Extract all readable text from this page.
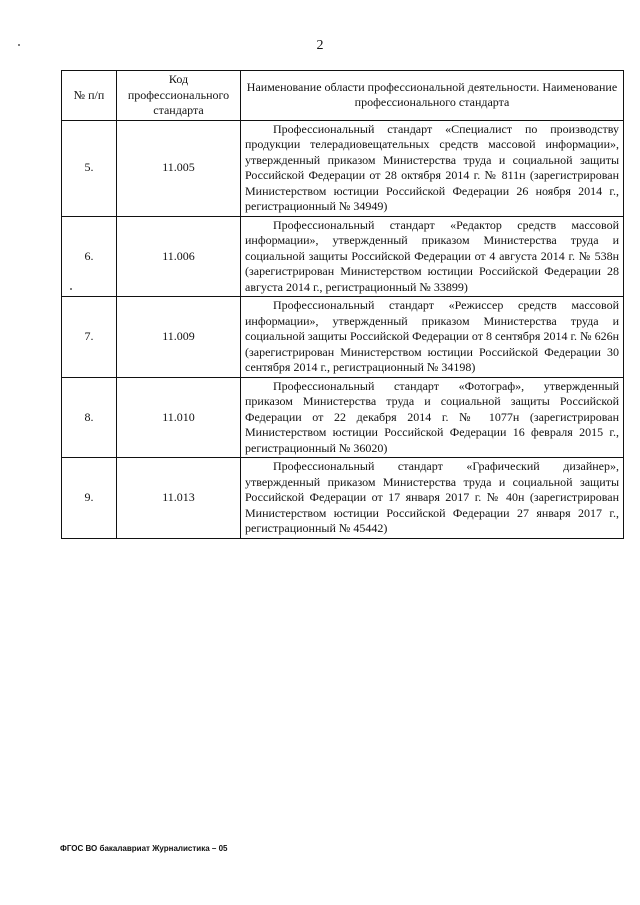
2
№ п/п	Код профессионального стандарта	Наименование области профессиональной деятельности. Наименование профессионального стандарта
5.	11.005	Профессиональный стандарт «Специалист по производству продукции телерадиовещательных средств массовой информации», утвержденный приказом Министерства труда и социальной защиты Российской Федерации от 28 октября 2014 г. № 811н (зарегистрирован Министерством юстиции Российской Федерации 26 ноября 2014 г., регистрационный № 34949)
6.	11.006	Профессиональный стандарт «Редактор средств массовой информации», утвержденный приказом Министерства труда и социальной защиты Российской Федерации от 4 августа 2014 г. № 538н (зарегистрирован Министерством юстиции Российской Федерации 28 августа 2014 г., регистрационный № 33899)
7.	11.009	Профессиональный стандарт «Режиссер средств массовой информации», утвержденный приказом Министерства труда и социальной защиты Российской Федерации от 8 сентября 2014 г. № 626н (зарегистрирован Министерством юстиции Российской Федерации 30 сентября 2014 г., регистрационный № 34198)
8.	11.010	Профессиональный стандарт «Фотограф», утвержденный приказом Министерства труда и социальной защиты Российской Федерации от 22 декабря 2014 г. № 1077н (зарегистрирован Министерством юстиции Российской Федерации 16 февраля 2015 г., регистрационный № 36020)
9.	11.013	Профессиональный стандарт «Графический дизайнер», утвержденный приказом Министерства труда и социальной защиты Российской Федерации от 17 января 2017 г. № 40н (зарегистрирован Министерством юстиции Российской Федерации 27 января 2017 г., регистрационный № 45442)
ФГОС ВО бакалавриат Журналистика – 05
